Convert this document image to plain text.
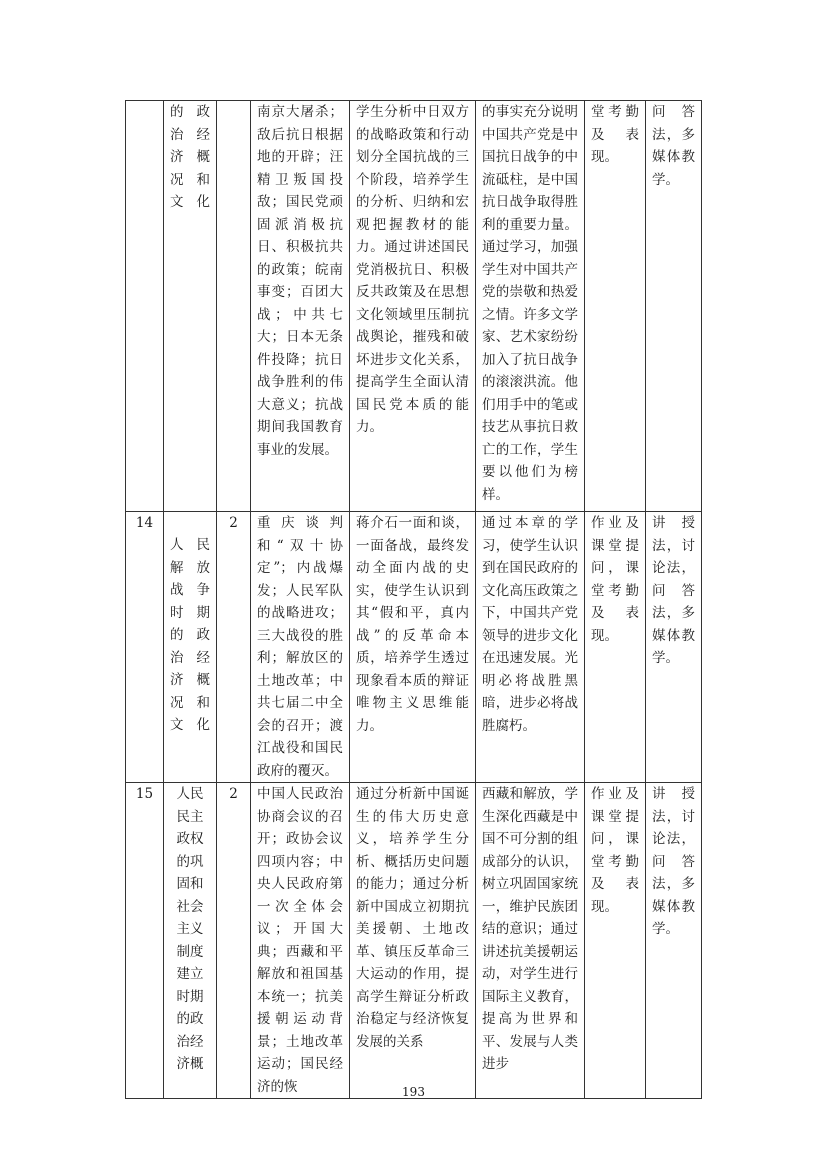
	的政治经济概况和文化		南京大屠杀；敌后抗日根据地的开辟；汪精卫叛国投敌；国民党顽固派消极抗日、积极抗共的政策；皖南事变；百团大战；中共七大；日本无条件投降；抗日战争胜利的伟大意义；抗战期间我国教育事业的发展。	学生分析中日双方的战略政策和行动划分全国抗战的三个阶段，培养学生的分析、归纳和宏观把握教材的能力。通过讲述国民党消极抗日、积极反共政策及在思想文化领域里压制抗战舆论，摧残和破坏进步文化关系，提高学生全面认清国民党本质的能力。	的事实充分说明中国共产党是中国抗日战争的中流砥柱，是中国抗日战争取得胜利的重要力量。通过学习，加强学生对中国共产党的崇敬和热爱之情。许多文学家、艺术家纷纷加入了抗日战争的滚滚洪流。他们用手中的笔或技艺从事抗日救亡的工作，学生要以他们为榜样。	堂考勤及表现。	问答法，多媒体教学。

14	人民解放战争时期的政治经济概况和文化	2	重庆谈判和“双十协定”；内战爆发；人民军队的战略进攻；三大战役的胜利；解放区的土地改革；中共七届二中全会的召开；渡江战役和国民政府的覆灭。	蒋介石一面和谈，一面备战，最终发动全面内战的史实，使学生认识到其“假和平，真内战”的反革命本质，培养学生透过现象看本质的辩证唯物主义思维能力。	通过本章的学习，使学生认识到在国民政府的文化高压政策之下，中国共产党领导的进步文化在迅速发展。光明必将战胜黑暗，进步必将战胜腐朽。	作业及课堂提问，课堂考勤及表现。	讲授法，讨论法，问答法，多媒体教学。

15	人民民主政权的巩固和社会主义制度建立时期的政治经济概	2	中国人民政治协商会议的召开；政协会议四项内容；中央人民政府第一次全体会议；开国大典；西藏和平解放和祖国基本统一；抗美援朝运动背景；土地改革运动；国民经济的恢	通过分析新中国诞生的伟大历史意义，培养学生分析、概括历史问题的能力；通过分析新中国成立初期抗美援朝、土地改革、镇压反革命三大运动的作用，提高学生辩证分析政治稳定与经济恢复发展的关系	西藏和解放，学生深化西藏是中国不可分割的组成部分的认识，树立巩固国家统一，维护民族团结的意识；通过讲述抗美援朝运动，对学生进行国际主义教育，提高为世界和平、发展与人类进步	作业及课堂提问，课堂考勤及表现。	讲授法，讨论法，问答法，多媒体教学。
193
